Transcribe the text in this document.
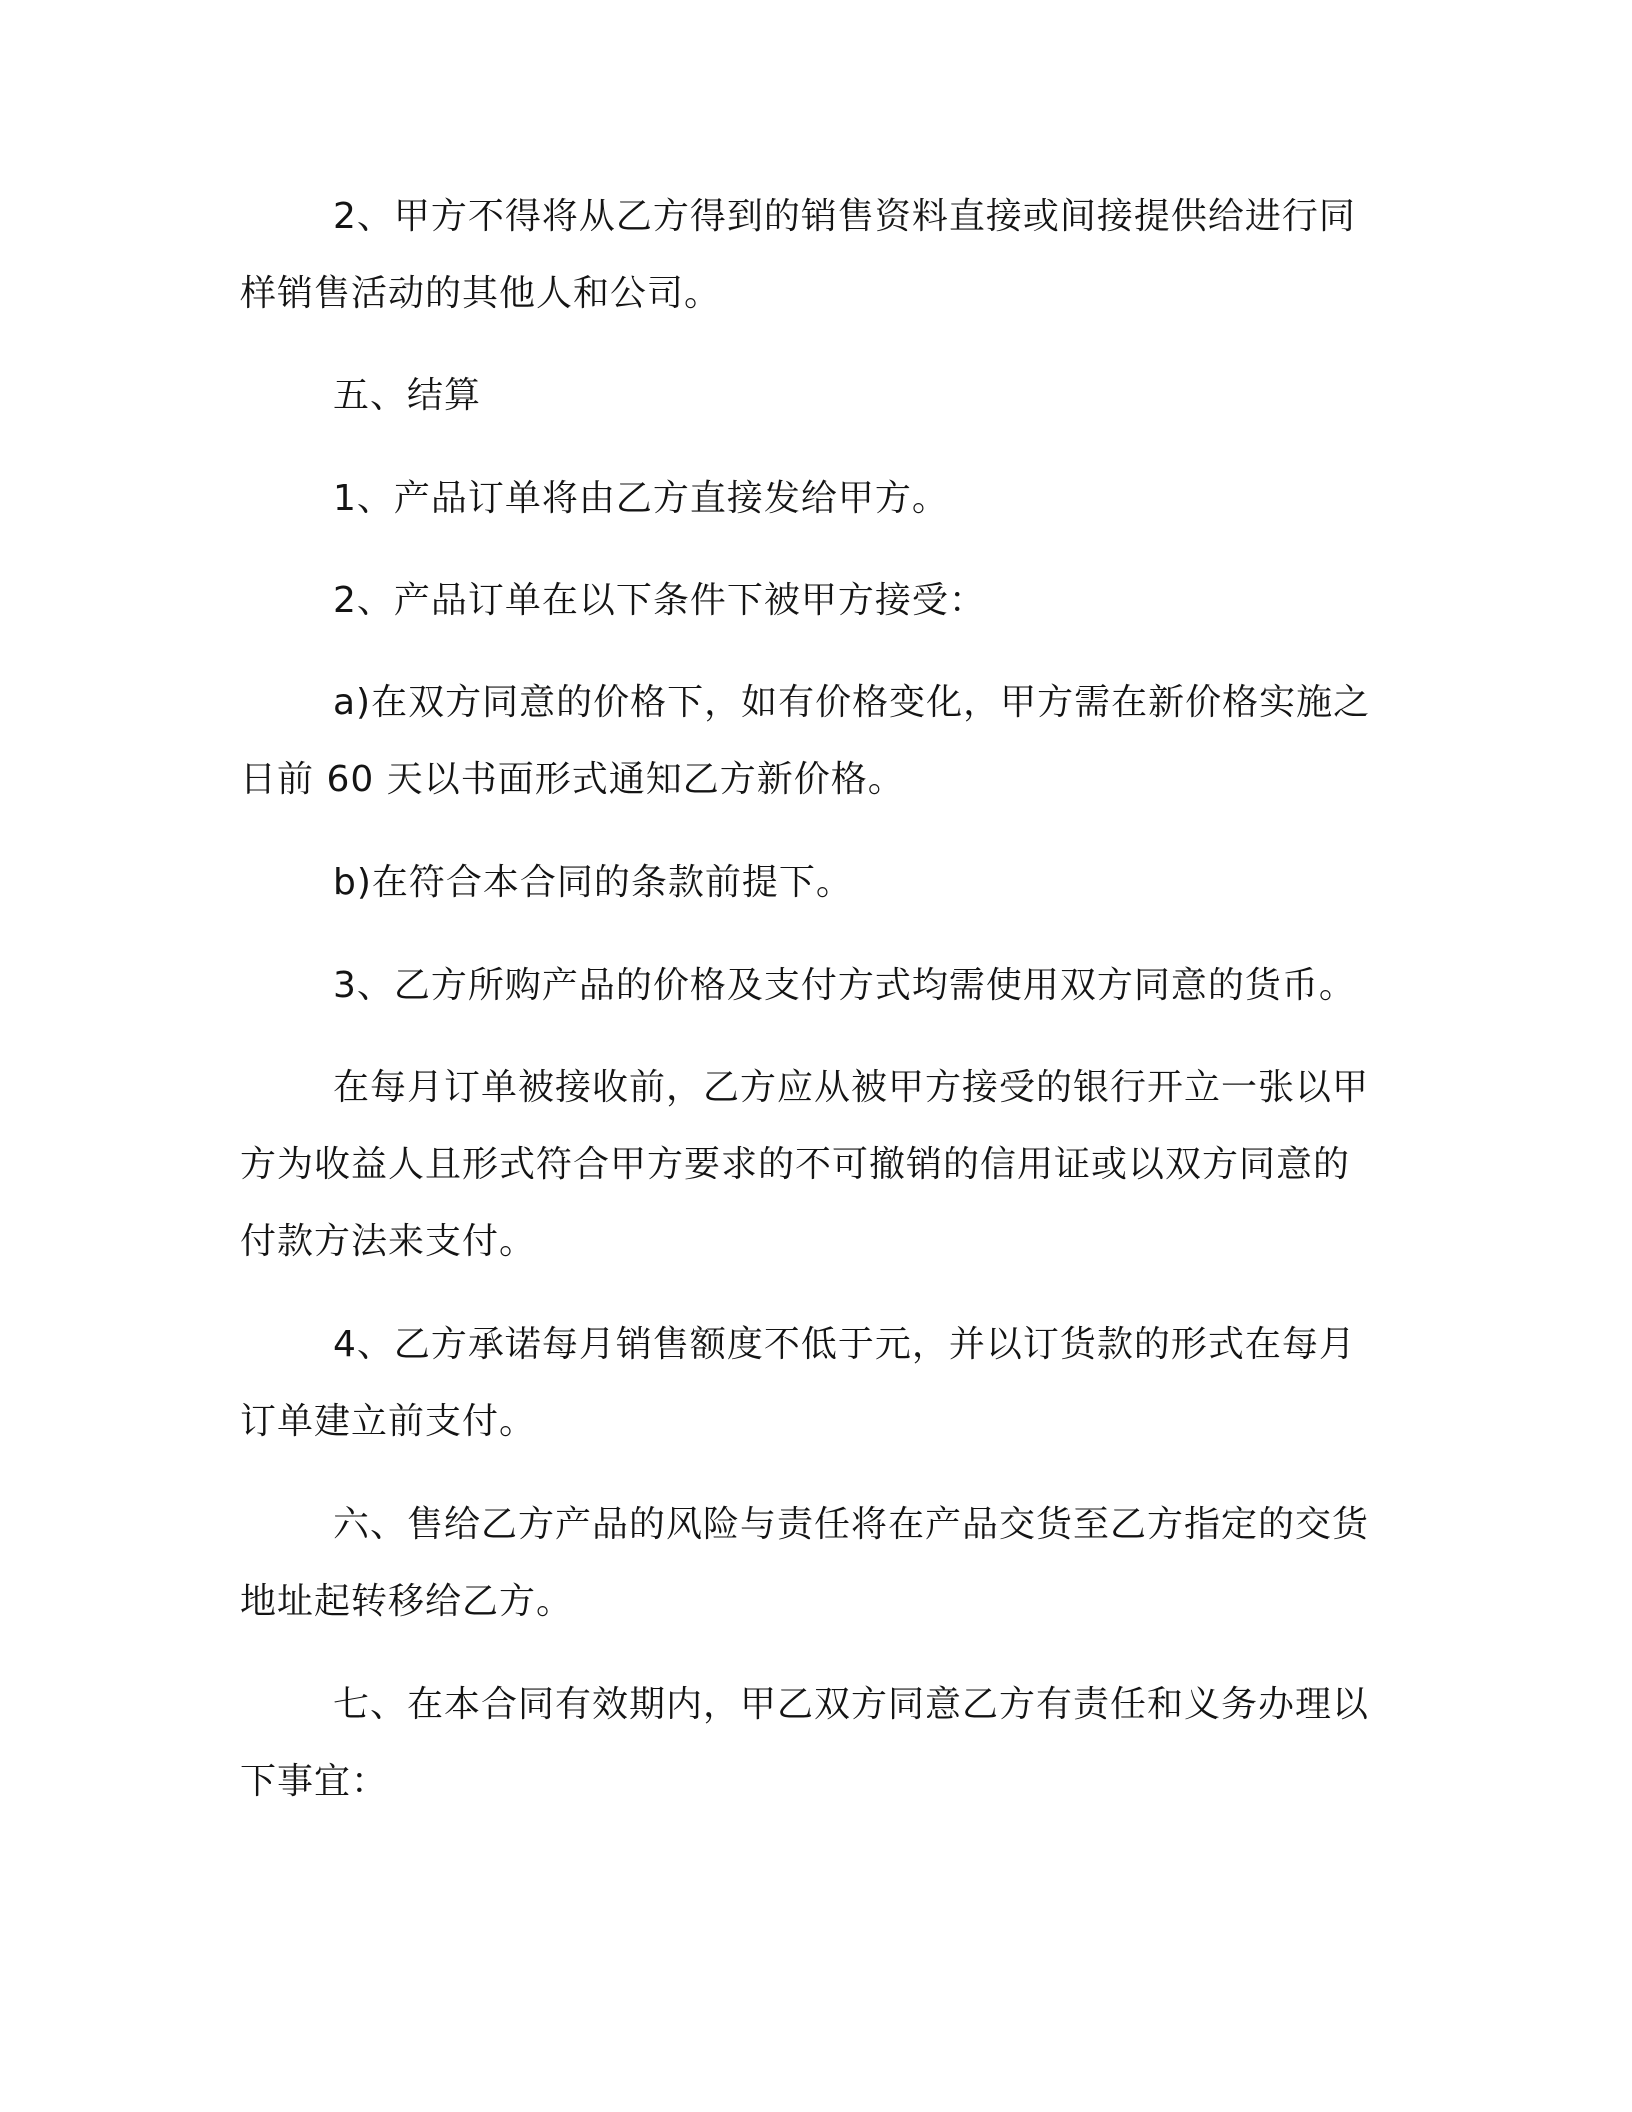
2、甲方不得将从乙方得到的销售资料直接或间接提供给进行同
样销售活动的其他人和公司。
五、结算
1、产品订单将由乙方直接发给甲方。
2、产品订单在以下条件下被甲方接受：
a)在双方同意的价格下，如有价格变化，甲方需在新价格实施之
日前 60 天以书面形式通知乙方新价格。
b)在符合本合同的条款前提下。
3、乙方所购产品的价格及支付方式均需使用双方同意的货币。
在每月订单被接收前，乙方应从被甲方接受的银行开立一张以甲
方为收益人且形式符合甲方要求的不可撤销的信用证或以双方同意的
付款方法来支付。
4、乙方承诺每月销售额度不低于元，并以订货款的形式在每月
订单建立前支付。
六、售给乙方产品的风险与责任将在产品交货至乙方指定的交货
地址起转移给乙方。
七、在本合同有效期内，甲乙双方同意乙方有责任和义务办理以
下事宜：
